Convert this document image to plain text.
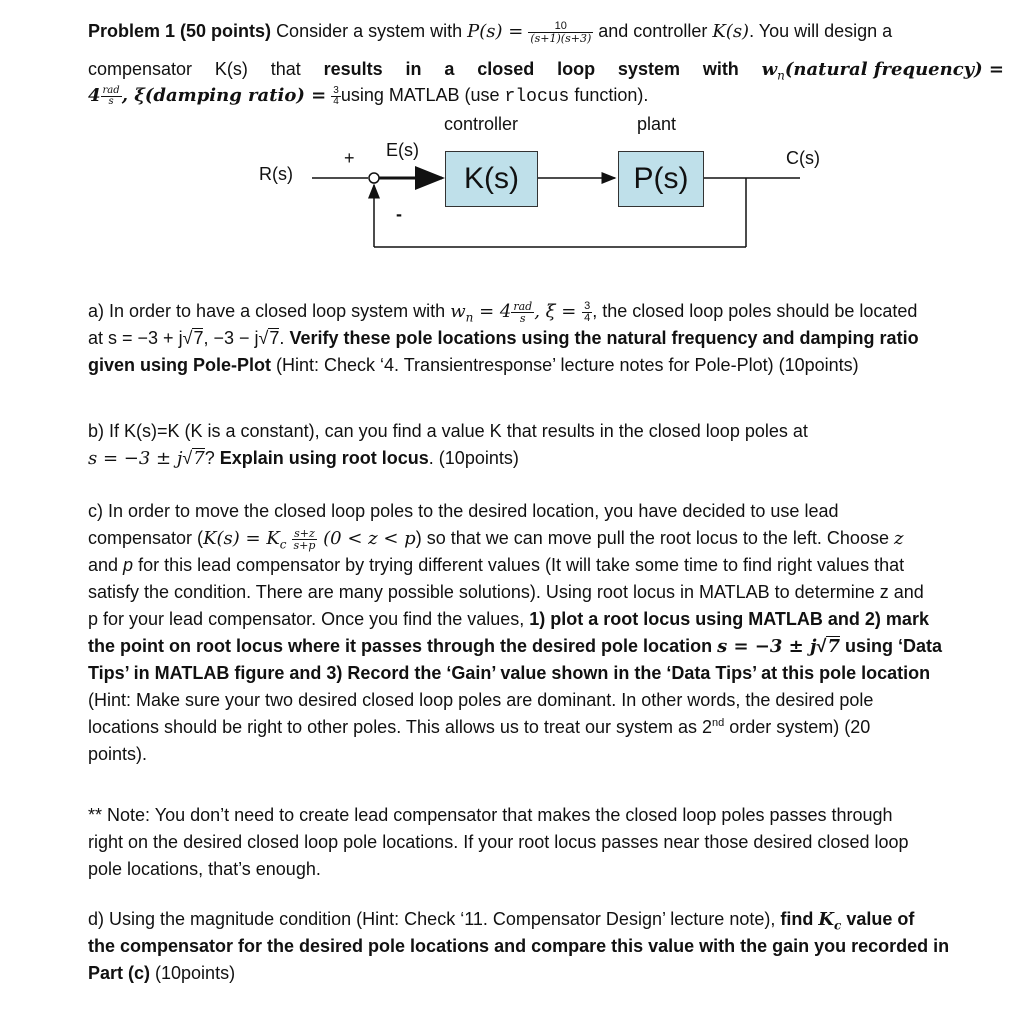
Problem 1 (50 points) Consider a system with $P(s) = \frac{10}{(s+1)(s+3)}$ and controller K(s). You will design a
compensator K(s) that results in a closed loop system with $w_n(natural$ frequency) =
$4 \frac{\text{rad}}{s}$ , ξ(damping ratio) = $\frac{3}{4}$ using MATLAB (use rlocus function).
controller	plant
R(s)
+
-
E(s)
K(s)	P(s)
C(s)
a) In order to have a closed loop system with $w_n = 4 \frac{\text{rad}}{s}$ , $\xi = \frac{3}{4}$ , the closed loop poles should be located
at s = −3 + j√7, −3 − j√7. Verify these pole locations using the natural frequency and damping ratio
given using Pole-Plot (Hint: Check ‘4. Transientresponse’ lecture notes for Pole-Plot) (10points)
b) If K(s)=K (K is a constant), can you find a value K that results in the closed loop poles at
s = −3 ± j√7? Explain using root locus. (10points)
c) In order to move the closed loop poles to the desired location, you have decided to use lead
compensator ($K(s) = K_c \frac{s+z}{s+p} (0 < z < p)$ so that we can move pull the root locus to the left. Choose z
and p for this lead compensator by trying different values (It will take some time to find right values that
satisfy the condition. There are many possible solutions). Using root locus in MATLAB to determine z and
p for your lead compensator. Once you find the values, 1) plot a root locus using MATLAB and 2) mark
the point on root locus where it passes through the desired pole location s = −3 ± j√7 using ‘Data
Tips’ in MATLAB figure and 3) Record the ‘Gain’ value shown in the ‘Data Tips’ at this pole location
(Hint: Make sure your two desired closed loop poles are dominant. In other words, the desired pole
locations should be right to other poles. This allows us to treat our system as 2nd order system) (20
points).
** Note: You don’t need to create lead compensator that makes the closed loop poles passes through
right on the desired closed loop pole locations. If your root locus passes near those desired closed loop
pole locations, that’s enough.
d) Using the magnitude condition (Hint: Check ‘11. Compensator Design’ lecture note), find $K_c$ value of
the compensator for the desired pole locations and compare this value with the gain you recorded in
Part (c) (10points)
